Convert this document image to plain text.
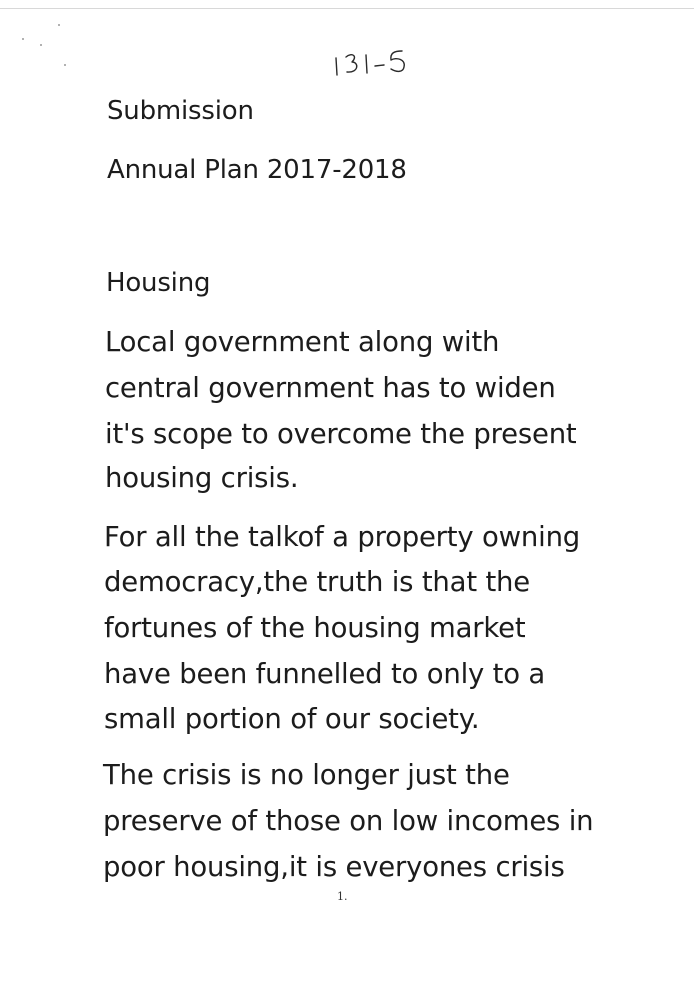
Submission
Annual Plan 2017-2018
Housing

Local government along with

central government has to widen

it's scope to overcome the present

housing crisis.

For all the talkof a property owning

democracy,the truth is that the

fortunes of the housing market

have been funnelled to only to a

small portion of our society.

The crisis is no longer just the

preserve of those on low incomes in

poor housing,it is everyones crisis

1.
